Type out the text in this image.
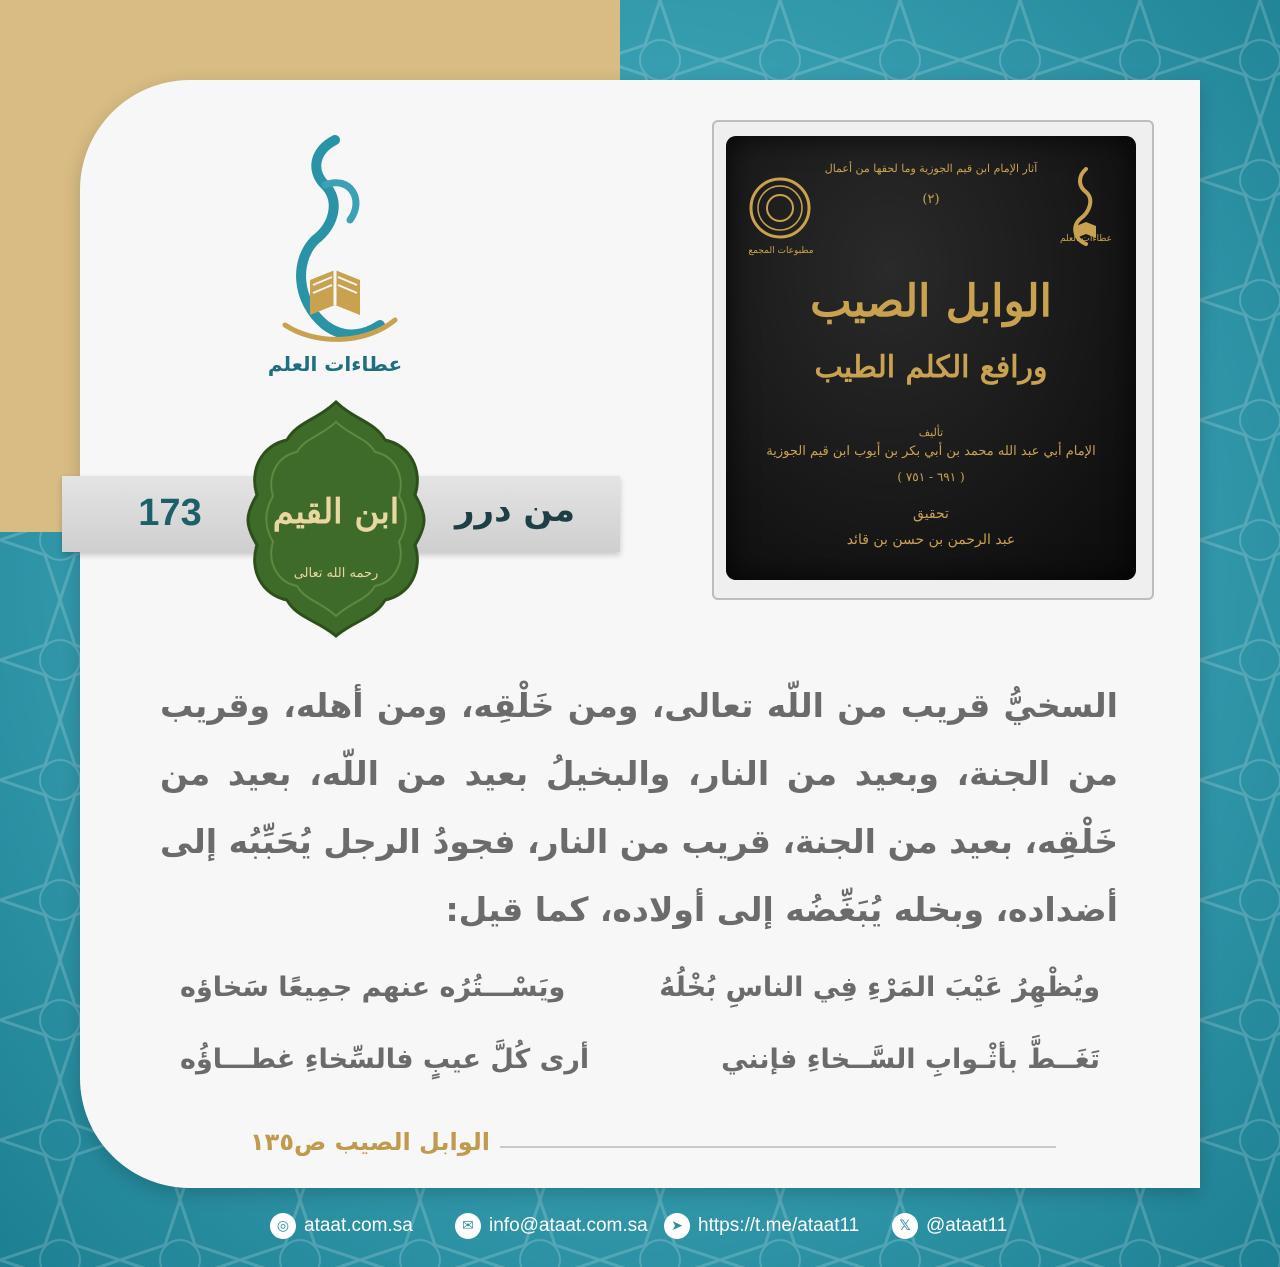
عطاءات العلم
173	من درر
ابن القيم
رحمه الله تعالى
آثار الإمام ابن قيم الجوزية وما لحقها من أعمال
(٢)
عطاءات العلم
مطبوعات المجمع
الوابل الصيب
ورافع الكلم الطيب
تأليف
الإمام أبي عبد الله محمد بن أبي بكر بن أيوب ابن قيم الجوزية
( ٦٩١ - ٧٥١ )
تحقيق
عبد الرحمن بن حسن بن قائد
السخيُّ قريب من اللّه تعالى، ومن خَلْقِه، ومن أهله، وقريب من الجنة، وبعيد من النار، والبخيلُ بعيد من اللّه، بعيد من خَلْقِه، بعيد من الجنة، قريب من النار، فجودُ الرجل يُحَبِّبُه إلى أضداده، وبخله يُبَغِّضُه إلى أولاده، كما قيل:
ويُظْهِرُ عَيْبَ المَرْءِ فِي الناسِ بُخْلُهُ
ويَسْـــتُرُه عنهم جمِيعًا سَخاؤه
تَغَــطَّ بأثْـوابِ السَّــخاءِ فإنني
أرى كُلَّ عيبٍ فالسِّخاءِ غطـــاؤُه
الوابل الصيب ص١٣٥
◎ ataat.com.sa	✉ info@ataat.com.sa	➤ https://t.me/ataat11	𝕏 @ataat11
